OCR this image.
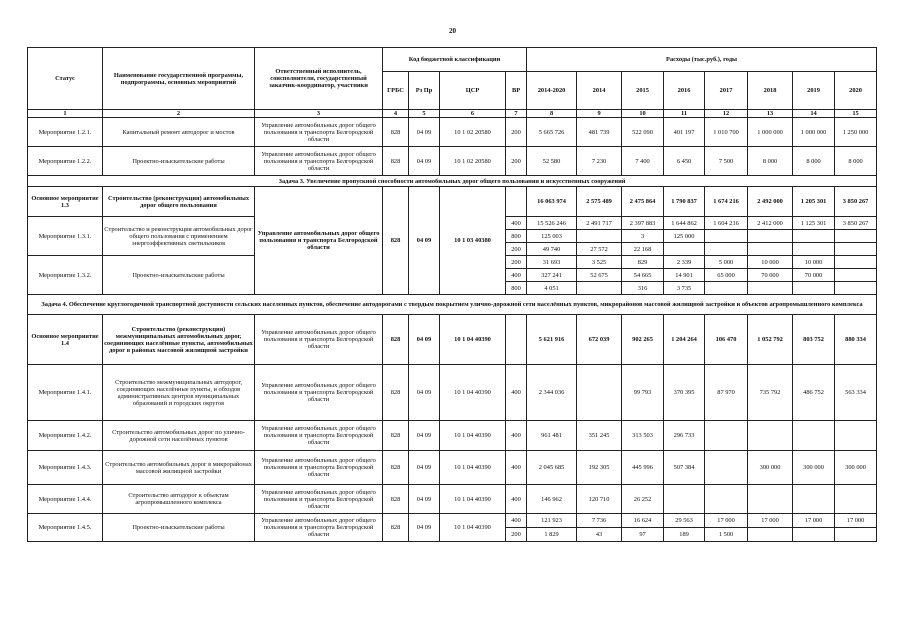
20
Статус	Наименование государственной программы, подпрограммы, основных мероприятий	Ответственный исполнитель, соисполнители, государственный заказчик-координатор, участники	Код бюджетной классификации				Расходы (тыс.руб.), годы							
			ГРБС	Рз Пр	ЦСР	ВР	2014-2020	2014	2015	2016	2017	2018	2019	2020
1	2	3	4	5	6	7	8	9	10	11	12	13	14	15
Мероприятие 1.2.1.	Капитальный ремонт автодорог и мостов	Управление автомобильных дорог общего пользования и транспорта Белгородской области	828	04 09	10 1 02 20580	200	5 665 726	481 739	522 090	401 197	1 010 700	1 000 000	1 000 000	1 250 000
Мероприятие 1.2.2.	Проектно-изыскательские работы	Управление автомобильных дорог общего пользования и транспорта Белгородской области	828	04 09	10 1 02 20580	200	52 580	7 230	7 400	6 450	7 500	8 000	8 000	8 000
Задача 3. Увеличение пропускной способности автомобильных дорог общего пользования и искусственных сооружений														
Основное мероприятие 1.3	Строительство (реконструкция) автомобильных дорог общего пользования	Управление автомобильных дорог общего пользования и транспорта Белгородской области	828	04 09	10 1 03 40380		16 063 974	2 575 489	2 475 864	1 790 837	1 674 216	2 492 000	1 205 301	3 850 267
Мероприятие 1.3.1.	Строительство и реконструкция автомобильных дорог общего пользования с применением энергоэффективных светильников					400	15 526 246	2 491 717	2 397 883	1 644 862	1 604 216	2 412 000	1 125 301	3 850 267
						800	125 003		3	125 000				
						200	49 740	27 572	22 168					
Мероприятие 1.3.2.	Проектно-изыскательские работы					200	31 693	3 525	829	2 339	5 000	10 000	10 000	
						400	327 241	52 675	54 665	14 901	65 000	70 000	70 000	
						800	4 051		316	3 735				
Задача 4. Обеспечение круглогодичной транспортной доступности сельских населенных пунктов, обеспечение автодорогами с твердым покрытием улично-дорожной сети населённых пунктов, микрорайонов массовой жилищной застройки и объектов агропромышленного комплекса														
Основное мероприятие 1.4	Строительство (реконструкция) межмуниципальных автомобильных дорог, соединяющих населённые пункты, автомобильных дорог в районах массовой жилищной застройки	Управление автомобильных дорог общего пользования и транспорта Белгородской области	828	04 09	10 1 04 40390		5 621 916	672 039	902 265	1 204 264	106 470	1 052 792	803 752	880 334
Мероприятие 1.4.1.	Строительство межмуниципальных автодорог, соединяющих населённые пункты, и обходов административных центров муниципальных образований и городских округов	Управление автомобильных дорог общего пользования и транспорта Белгородской области	828	04 09	10 1 04 40390	400	2 344 036		99 793	370 395	87 970	735 792	486 752	563 334
Мероприятие 1.4.2.	Строительство автомобильных дорог по улично-дорожной сети населённых пунктов	Управление автомобильных дорог общего пользования и транспорта Белгородской области	828	04 09	10 1 04 40390	400	961 481	351 245	313 503	296 733				
Мероприятие 1.4.3.	Строительство автомобильных дорог в микрорайонах массовой жилищной застройки	Управление автомобильных дорог общего пользования и транспорта Белгородской области	828	04 09	10 1 04 40390	400	2 045 685	192 305	445 996	507 384		300 000	300 000	300 000
Мероприятие 1.4.4.	Строительство автодорог к объектам агропромышленного комплекса	Управление автомобильных дорог общего пользования и транспорта Белгородской области	828	04 09	10 1 04 40390	400	146 962	120 710	26 252					
Мероприятие 1.4.5.	Проектно-изыскательские работы	Управление автомобильных дорог общего пользования и транспорта Белгородской области	828	04 09	10 1 04 40390	400	121 923	7 736	16 624	29 563	17 000	17 000	17 000	17 000
						200	1 829	43	97	189	1 500			
